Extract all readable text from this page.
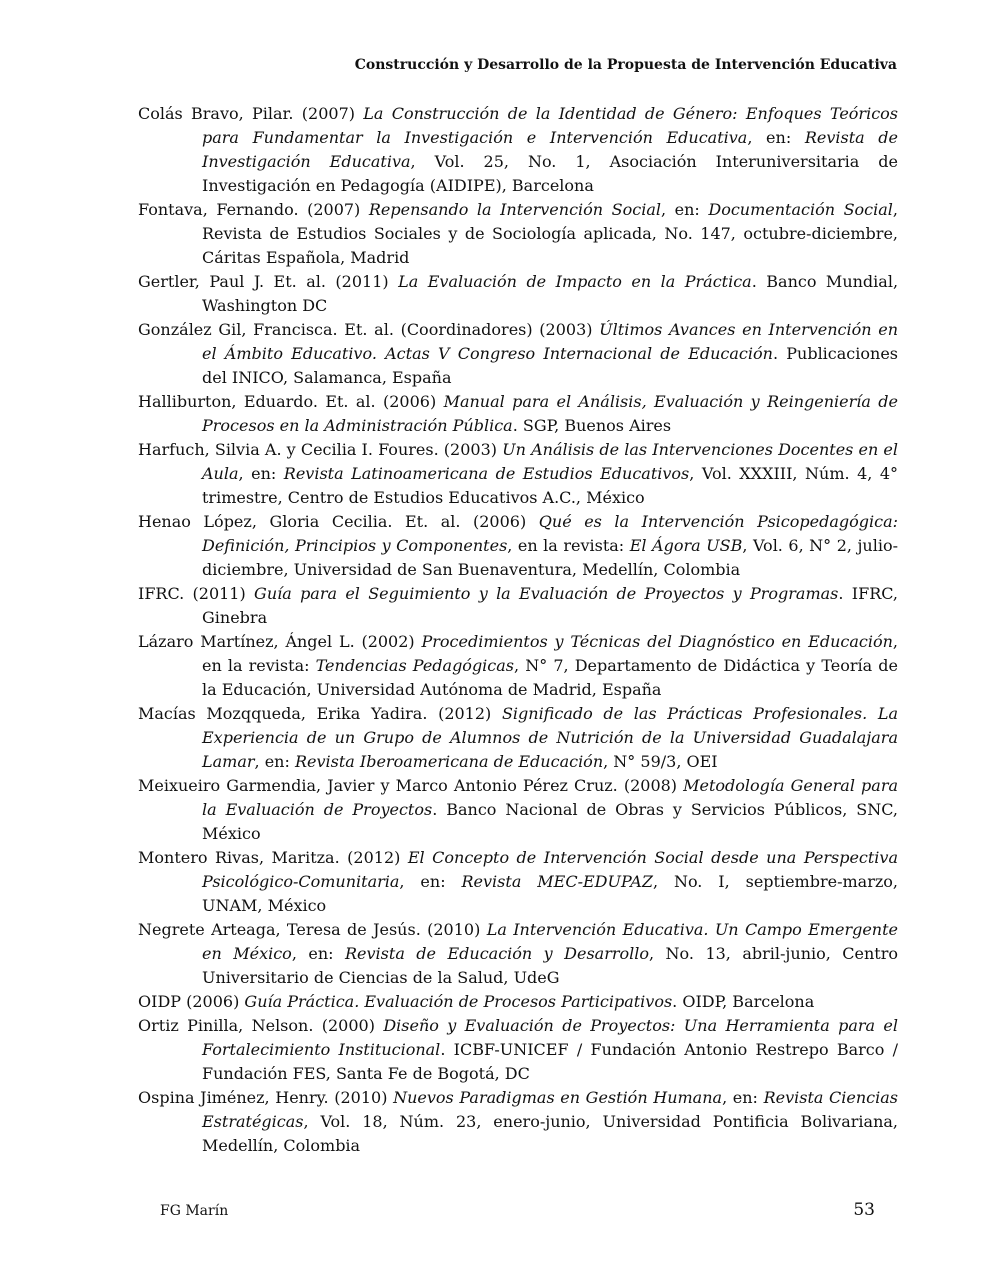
Construcción y Desarrollo de la Propuesta de Intervención Educativa

Colás Bravo, Pilar. (2007) La Construcción de la Identidad de Género: Enfoques Teóricos para Fundamentar la Investigación e Intervención Educativa, en: Revista de Investigación Educativa, Vol. 25, No. 1, Asociación Interuniversitaria de Investigación en Pedagogía (AIDIPE), Barcelona

Fontava, Fernando. (2007) Repensando la Intervención Social, en: Documentación Social, Revista de Estudios Sociales y de Sociología aplicada, No. 147, octubre-diciembre, Cáritas Española, Madrid

Gertler, Paul J. Et. al. (2011) La Evaluación de Impacto en la Práctica. Banco Mundial, Washington DC

González Gil, Francisca. Et. al. (Coordinadores) (2003) Últimos Avances en Intervención en el Ámbito Educativo. Actas V Congreso Internacional de Educación. Publicaciones del INICO, Salamanca, España

Halliburton, Eduardo. Et. al. (2006) Manual para el Análisis, Evaluación y Reingeniería de Procesos en la Administración Pública. SGP, Buenos Aires

Harfuch, Silvia A. y Cecilia I. Foures. (2003) Un Análisis de las Intervenciones Docentes en el Aula, en: Revista Latinoamericana de Estudios Educativos, Vol. XXXIII, Núm. 4, 4° trimestre, Centro de Estudios Educativos A.C., México

Henao López, Gloria Cecilia. Et. al. (2006) Qué es la Intervención Psicopedagógica: Definición, Principios y Componentes, en la revista: El Ágora USB, Vol. 6, N° 2, julio-diciembre, Universidad de San Buenaventura, Medellín, Colombia

IFRC. (2011) Guía para el Seguimiento y la Evaluación de Proyectos y Programas. IFRC, Ginebra

Lázaro Martínez, Ángel L. (2002) Procedimientos y Técnicas del Diagnóstico en Educación, en la revista: Tendencias Pedagógicas, N° 7, Departamento de Didáctica y Teoría de la Educación, Universidad Autónoma de Madrid, España

Macías Mozqqueda, Erika Yadira. (2012) Significado de las Prácticas Profesionales. La Experiencia de un Grupo de Alumnos de Nutrición de la Universidad Guadalajara Lamar, en: Revista Iberoamericana de Educación, N° 59/3, OEI

Meixueiro Garmendia, Javier y Marco Antonio Pérez Cruz. (2008) Metodología General para la Evaluación de Proyectos. Banco Nacional de Obras y Servicios Públicos, SNC, México

Montero Rivas, Maritza. (2012) El Concepto de Intervención Social desde una Perspectiva Psicológico-Comunitaria, en: Revista MEC-EDUPAZ, No. I, septiembre-marzo, UNAM, México

Negrete Arteaga, Teresa de Jesús. (2010) La Intervención Educativa. Un Campo Emergente en México, en: Revista de Educación y Desarrollo, No. 13, abril-junio, Centro Universitario de Ciencias de la Salud, UdeG

OIDP (2006) Guía Práctica. Evaluación de Procesos Participativos. OIDP, Barcelona

Ortiz Pinilla, Nelson. (2000) Diseño y Evaluación de Proyectos: Una Herramienta para el Fortalecimiento Institucional. ICBF-UNICEF / Fundación Antonio Restrepo Barco / Fundación FES, Santa Fe de Bogotá, DC

Ospina Jiménez, Henry. (2010) Nuevos Paradigmas en Gestión Humana, en: Revista Ciencias Estratégicas, Vol. 18, Núm. 23, enero-junio, Universidad Pontificia Bolivariana, Medellín, Colombia

FG Marín	53
